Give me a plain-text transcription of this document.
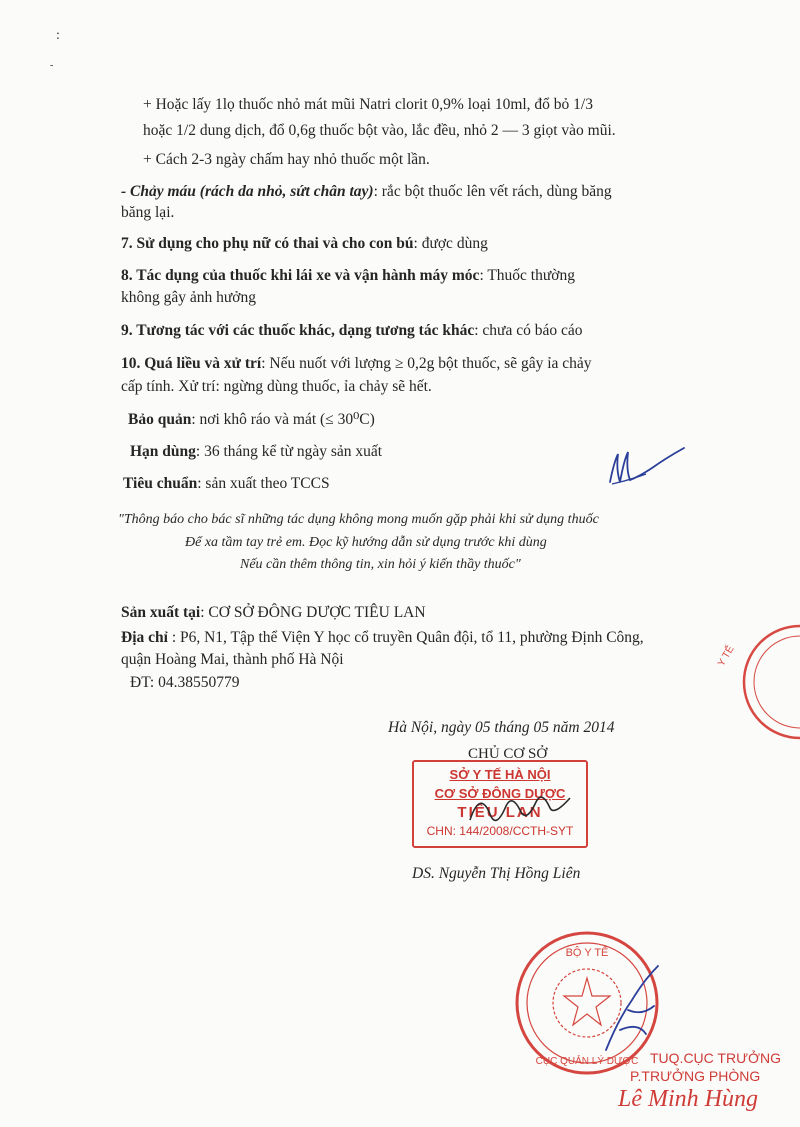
:
-
+ Hoặc lấy 1lọ thuốc nhỏ mát mũi Natri clorit 0,9% loại 10ml, đổ bỏ 1/3
hoặc 1/2 dung dịch, đổ 0,6g thuốc bột vào, lắc đều, nhỏ 2 — 3 giọt vào mũi.
+ Cách 2-3 ngày chấm hay nhỏ thuốc một lần.
- Chảy máu (rách da nhỏ, sứt chân tay): rắc bột thuốc lên vết rách, dùng băng
băng lại.
7. Sử dụng cho phụ nữ có thai và cho con bú: được dùng
8. Tác dụng của thuốc khi lái xe và vận hành máy móc: Thuốc thường
không gây ảnh hưởng
9. Tương tác với các thuốc khác, dạng tương tác khác: chưa có báo cáo
10. Quá liều và xử trí: Nếu nuốt với lượng ≥ 0,2g bột thuốc, sẽ gây ỉa chảy
cấp tính. Xử trí: ngừng dùng thuốc, ỉa chảy sẽ hết.
Bảo quản: nơi khô ráo và mát (≤ 30⁰C)
Hạn dùng: 36 tháng kể từ ngày sản xuất
Tiêu chuẩn: sản xuất theo TCCS
"Thông báo cho bác sĩ những tác dụng không mong muốn gặp phải khi sử dụng thuốc
Để xa tầm tay trẻ em. Đọc kỹ hướng dẫn sử dụng trước khi dùng
Nếu cần thêm thông tin, xin hỏi ý kiến thầy thuốc"
Sản xuất tại: CƠ SỞ ĐÔNG DƯỢC TIÊU LAN
Địa chỉ : P6, N1, Tập thể Viện Y học cổ truyền Quân đội, tổ 11, phường Định Công,
quận Hoàng Mai, thành phố Hà Nội
ĐT: 04.38550779
Y TẾ
Hà Nội, ngày 05 tháng 05 năm 2014
CHỦ CƠ SỞ
SỞ Y TẾ HÀ NỘI
CƠ SỞ ĐÔNG DƯỢC
TIÊU LAN
CHN: 144/2008/CCTH-SYT
DS. Nguyễn Thị Hồng Liên
BỘ Y TẾ
CỤC QUẢN LÝ DƯỢC TUQ.CỤC TRƯỞNG
P.TRƯỞNG PHÒNG
Lê Minh Hùng
